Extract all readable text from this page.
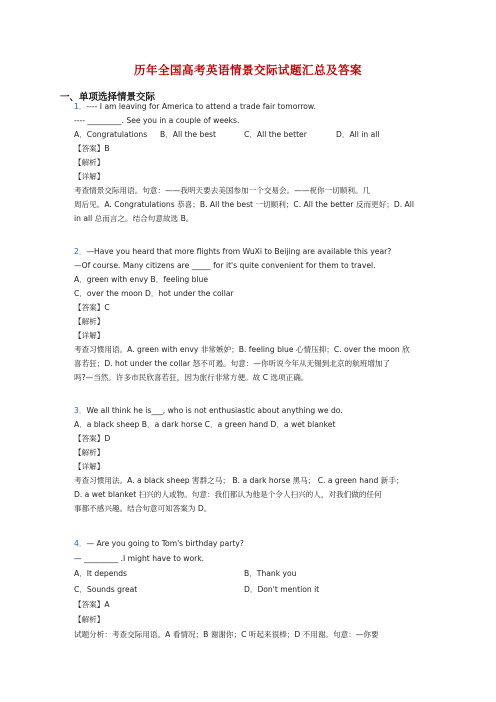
历年全国高考英语情景交际试题汇总及答案
一、单项选择情景交际
1．---- I am leaving for America to attend a trade fair tomorrow.
---- _________. See you in a couple of weeks.
A．Congratulations B．All the best	C．All the better	D．All in all
【答案】B
【解析】
【详解】
考查情景交际用语。句意：——我明天要去美国参加一个交易会。——祝你一切顺利。几
周后见。A. Congratulations 恭喜；B. All the best 一切顺利；C. All the better 反而更好；D. All
in all 总而言之。结合句意故选 B。
2．—Have you heard that more flights from WuXi to Beijing are available this year?
—Of course. Many citizens are _____ for it's quite convenient for them to travel.
A．green with envy B．feeling blue
C．over the moon D．hot under the collar
【答案】C
【解析】
【详解】
考查习惯用语。A. green with envy 非常嫉妒；B. feeling blue 心情压抑；C. over the moon 欣
喜若狂；D. hot under the collar 怒不可遏。句意：—你听说今年从无锡到北京的航班增加了
吗?—当然。许多市民欣喜若狂，因为旅行非常方便。故 C 选项正确。
3．We all think he is___, who is not enthusiastic about anything we do.
A．a black sheep B．a dark horse C．a green hand D．a wet blanket
【答案】D
【解析】
【详解】
考查习惯用法。A. a black sheep 害群之马； B. a dark horse 黑马； C. a green hand 新手；
D. a wet blanket 扫兴的人或物。句意：我们都认为他是个令人扫兴的人，对我们做的任何
事都不感兴趣。结合句意可知答案为 D。
4．— Are you going to Tom's birthday party?
— _________ .I might have to work.
A．It depends	B．Thank you
C．Sounds great	D．Don't mention it
【答案】A
【解析】
试题分析：考查交际用语。A 看情况；B 谢谢你；C 听起来很棒；D 不用谢。句意：—你要
